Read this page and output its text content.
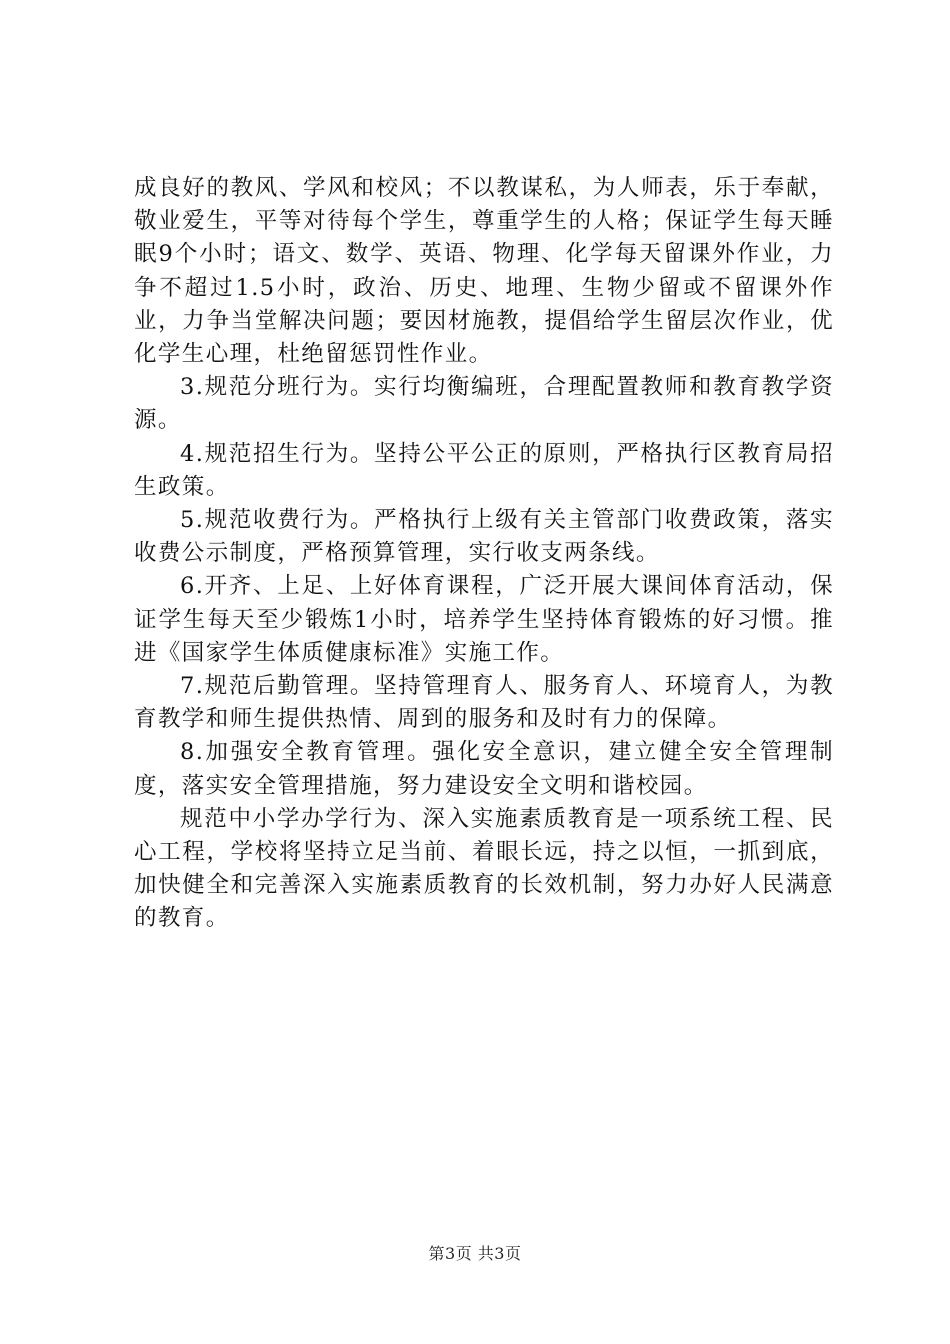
成良好的教风、学风和校风；不以教谋私，为人师表，乐于奉献，敬业爱生，平等对待每个学生，尊重学生的人格；保证学生每天睡眠9个小时；语文、数学、英语、物理、化学每天留课外作业，力争不超过1.5小时，政治、历史、地理、生物少留或不留课外作业，力争当堂解决问题；要因材施教，提倡给学生留层次作业，优化学生心理，杜绝留惩罚性作业。

3.规范分班行为。实行均衡编班，合理配置教师和教育教学资源。

4.规范招生行为。坚持公平公正的原则，严格执行区教育局招生政策。

5.规范收费行为。严格执行上级有关主管部门收费政策，落实收费公示制度，严格预算管理，实行收支两条线。

6.开齐、上足、上好体育课程，广泛开展大课间体育活动，保证学生每天至少锻炼1小时，培养学生坚持体育锻炼的好习惯。推进《国家学生体质健康标准》实施工作。

7.规范后勤管理。坚持管理育人、服务育人、环境育人，为教育教学和师生提供热情、周到的服务和及时有力的保障。

8.加强安全教育管理。强化安全意识，建立健全安全管理制度，落实安全管理措施，努力建设安全文明和谐校园。

规范中小学办学行为、深入实施素质教育是一项系统工程、民心工程，学校将坚持立足当前、着眼长远，持之以恒，一抓到底，加快健全和完善深入实施素质教育的长效机制，努力办好人民满意的教育。

第3页 共3页
